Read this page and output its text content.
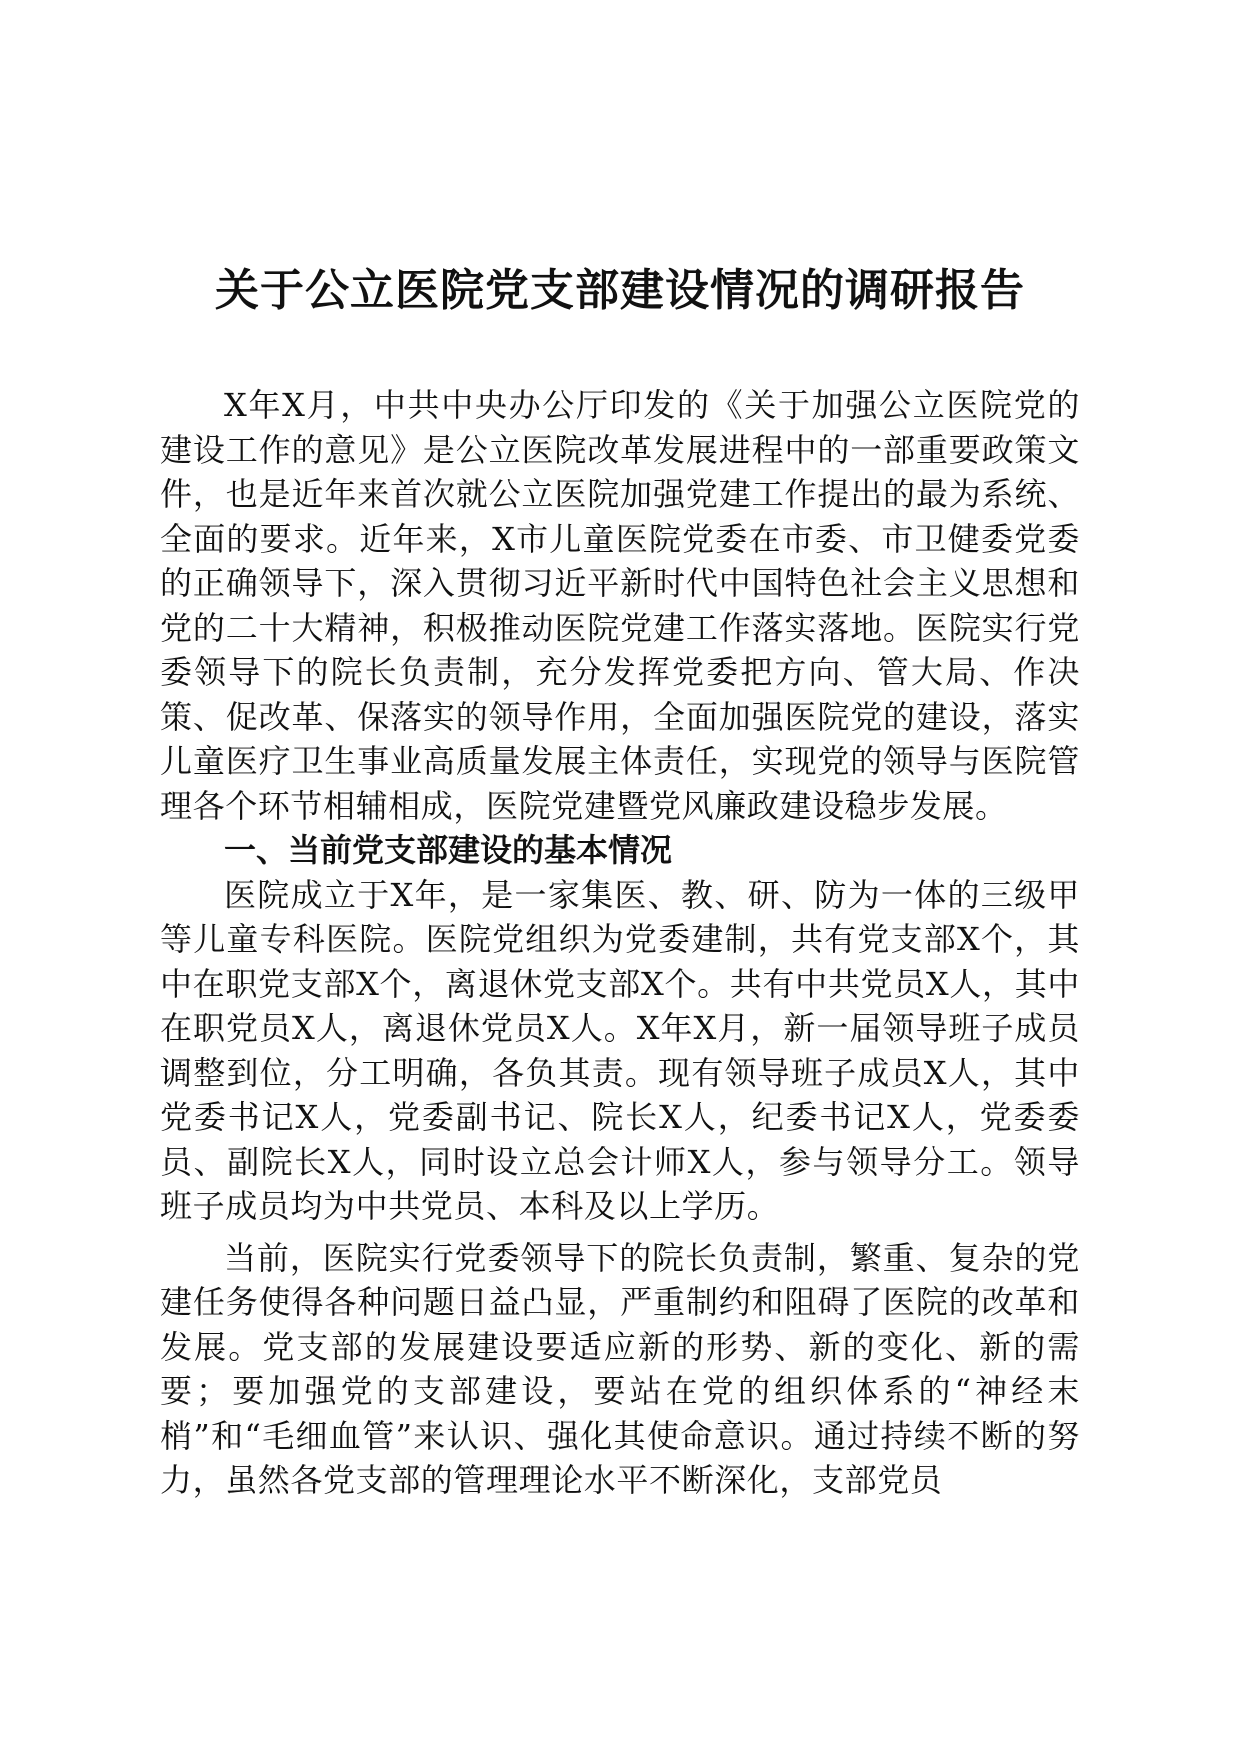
关于公立医院党支部建设情况的调研报告

X年X月，中共中央办公厅印发的《关于加强公立医院党的建设工作的意见》是公立医院改革发展进程中的一部重要政策文件，也是近年来首次就公立医院加强党建工作提出的最为系统、全面的要求。近年来，X市儿童医院党委在市委、市卫健委党委的正确领导下，深入贯彻习近平新时代中国特色社会主义思想和党的二十大精神，积极推动医院党建工作落实落地。医院实行党委领导下的院长负责制，充分发挥党委把方向、管大局、作决策、促改革、保落实的领导作用，全面加强医院党的建设，落实儿童医疗卫生事业高质量发展主体责任，实现党的领导与医院管理各个环节相辅相成，医院党建暨党风廉政建设稳步发展。

一、当前党支部建设的基本情况

医院成立于X年，是一家集医、教、研、防为一体的三级甲等儿童专科医院。医院党组织为党委建制，共有党支部X个，其中在职党支部X个，离退休党支部X个。共有中共党员X人，其中在职党员X人，离退休党员X人。X年X月，新一届领导班子成员调整到位，分工明确，各负其责。现有领导班子成员X人，其中党委书记X人，党委副书记、院长X人，纪委书记X人，党委委员、副院长X人，同时设立总会计师X人，参与领导分工。领导班子成员均为中共党员、本科及以上学历。

当前，医院实行党委领导下的院长负责制，繁重、复杂的党建任务使得各种问题日益凸显，严重制约和阻碍了医院的改革和发展。党支部的发展建设要适应新的形势、新的变化、新的需要；要加强党的支部建设，要站在党的组织体系的“神经末梢”和“毛细血管”来认识、强化其使命意识。通过持续不断的努力，虽然各党支部的管理理论水平不断深化，支部党员
